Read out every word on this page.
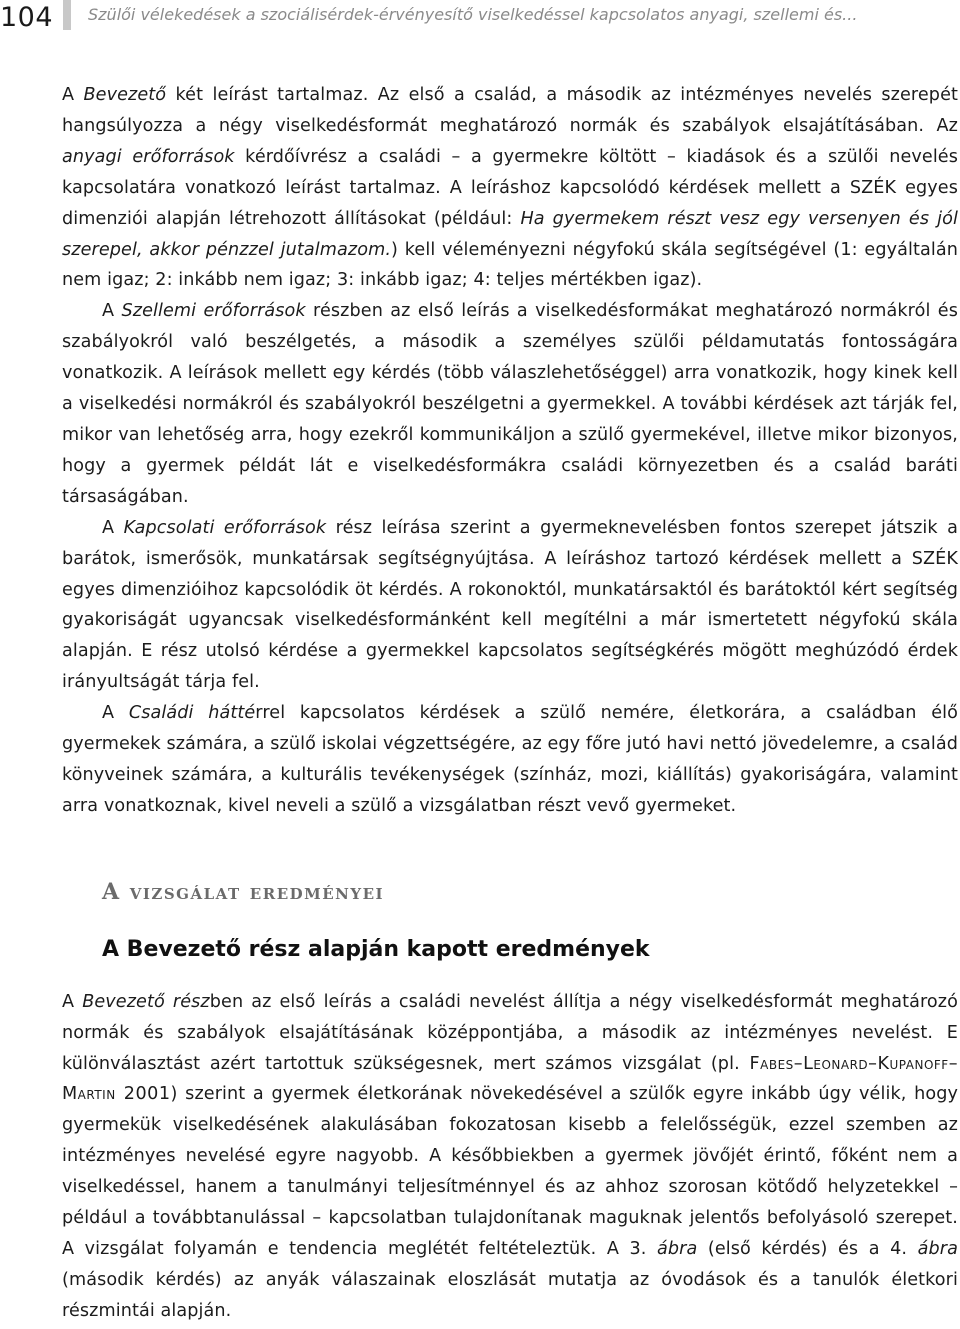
104 Szülői vélekedések a szociálisérdek-érvényesítő viselkedéssel kapcsolatos anyagi, szellemi és...

A Bevezető két leírást tartalmaz. Az első a család, a második az intézményes nevelés szerepét hangsúlyozza a négy viselkedésformát meghatározó normák és szabályok elsajátításában. Az anyagi erőforrások kérdőívrész a családi – a gyermekre költött – kiadások és a szülői nevelés kapcsolatára vonatkozó leírást tartalmaz. A leíráshoz kapcsolódó kérdések mellett a SZÉK egyes dimenziói alapján létrehozott állításokat (például: Ha gyermekem részt vesz egy versenyen és jól szerepel, akkor pénzzel jutalmazom.) kell véleményezni négyfokú skála segítségével (1: egyáltalán nem igaz; 2: inkább nem igaz; 3: inkább igaz; 4: teljes mértékben igaz).

A Szellemi erőforrások részben az első leírás a viselkedésformákat meghatározó normákról és szabályokról való beszélgetés, a második a személyes szülői példamutatás fontosságára vonatkozik. A leírások mellett egy kérdés (több válaszlehetőséggel) arra vonatkozik, hogy kinek kell a viselkedési normákról és szabályokról beszélgetni a gyermekkel. A további kérdések azt tárják fel, mikor van lehetőség arra, hogy ezekről kommunikáljon a szülő gyermekével, illetve mikor bizonyos, hogy a gyermek példát lát e viselkedésformákra családi környezetben és a család baráti társaságában.

A Kapcsolati erőforrások rész leírása szerint a gyermeknevelésben fontos szerepet játszik a barátok, ismerősök, munkatársak segítségnyújtása. A leíráshoz tartozó kérdések mellett a SZÉK egyes dimenzióihoz kapcsolódik öt kérdés. A rokonoktól, munkatársaktól és barátoktól kért segítség gyakoriságát ugyancsak viselkedésformánként kell megítélni a már ismertetett négyfokú skála alapján. E rész utolsó kérdése a gyermekkel kapcsolatos segítségkérés mögött meghúzódó érdek irányultságát tárja fel.

A Családi háttérrel kapcsolatos kérdések a szülő nemére, életkorára, a családban élő gyermekek számára, a szülő iskolai végzettségére, az egy főre jutó havi nettó jövedelemre, a család könyveinek számára, a kulturális tevékenységek (színház, mozi, kiállítás) gyakoriságára, valamint arra vonatkoznak, kivel neveli a szülő a vizsgálatban részt vevő gyermeket.

A vizsgálat eredményei
A Bevezető rész alapján kapott eredmények

A Bevezető részben az első leírás a családi nevelést állítja a négy viselkedésformát meghatározó normák és szabályok elsajátításának középpontjába, a második az intézményes nevelést. E különválasztást azért tartottuk szükségesnek, mert számos vizsgálat (pl. Fabes–Leonard–Kupanoff–Martin 2001) szerint a gyermek életkorának növekedésével a szülők egyre inkább úgy vélik, hogy gyermekük viselkedésének alakulásában fokozatosan kisebb a felelősségük, ezzel szemben az intézményes nevelésé egyre nagyobb. A későbbiekben a gyermek jövőjét érintő, főként nem a viselkedéssel, hanem a tanulmányi teljesítménnyel és az ahhoz szorosan kötődő helyzetekkel – például a továbbtanulással – kapcsolatban tulajdonítanak maguknak jelentős befolyásoló szerepet. A vizsgálat folyamán e tendencia meglétét feltételeztük. A 3. ábra (első kérdés) és a 4. ábra (második kérdés) az anyák válaszainak eloszlását mutatja az óvodások és a tanulók életkori részmintái alapján.
